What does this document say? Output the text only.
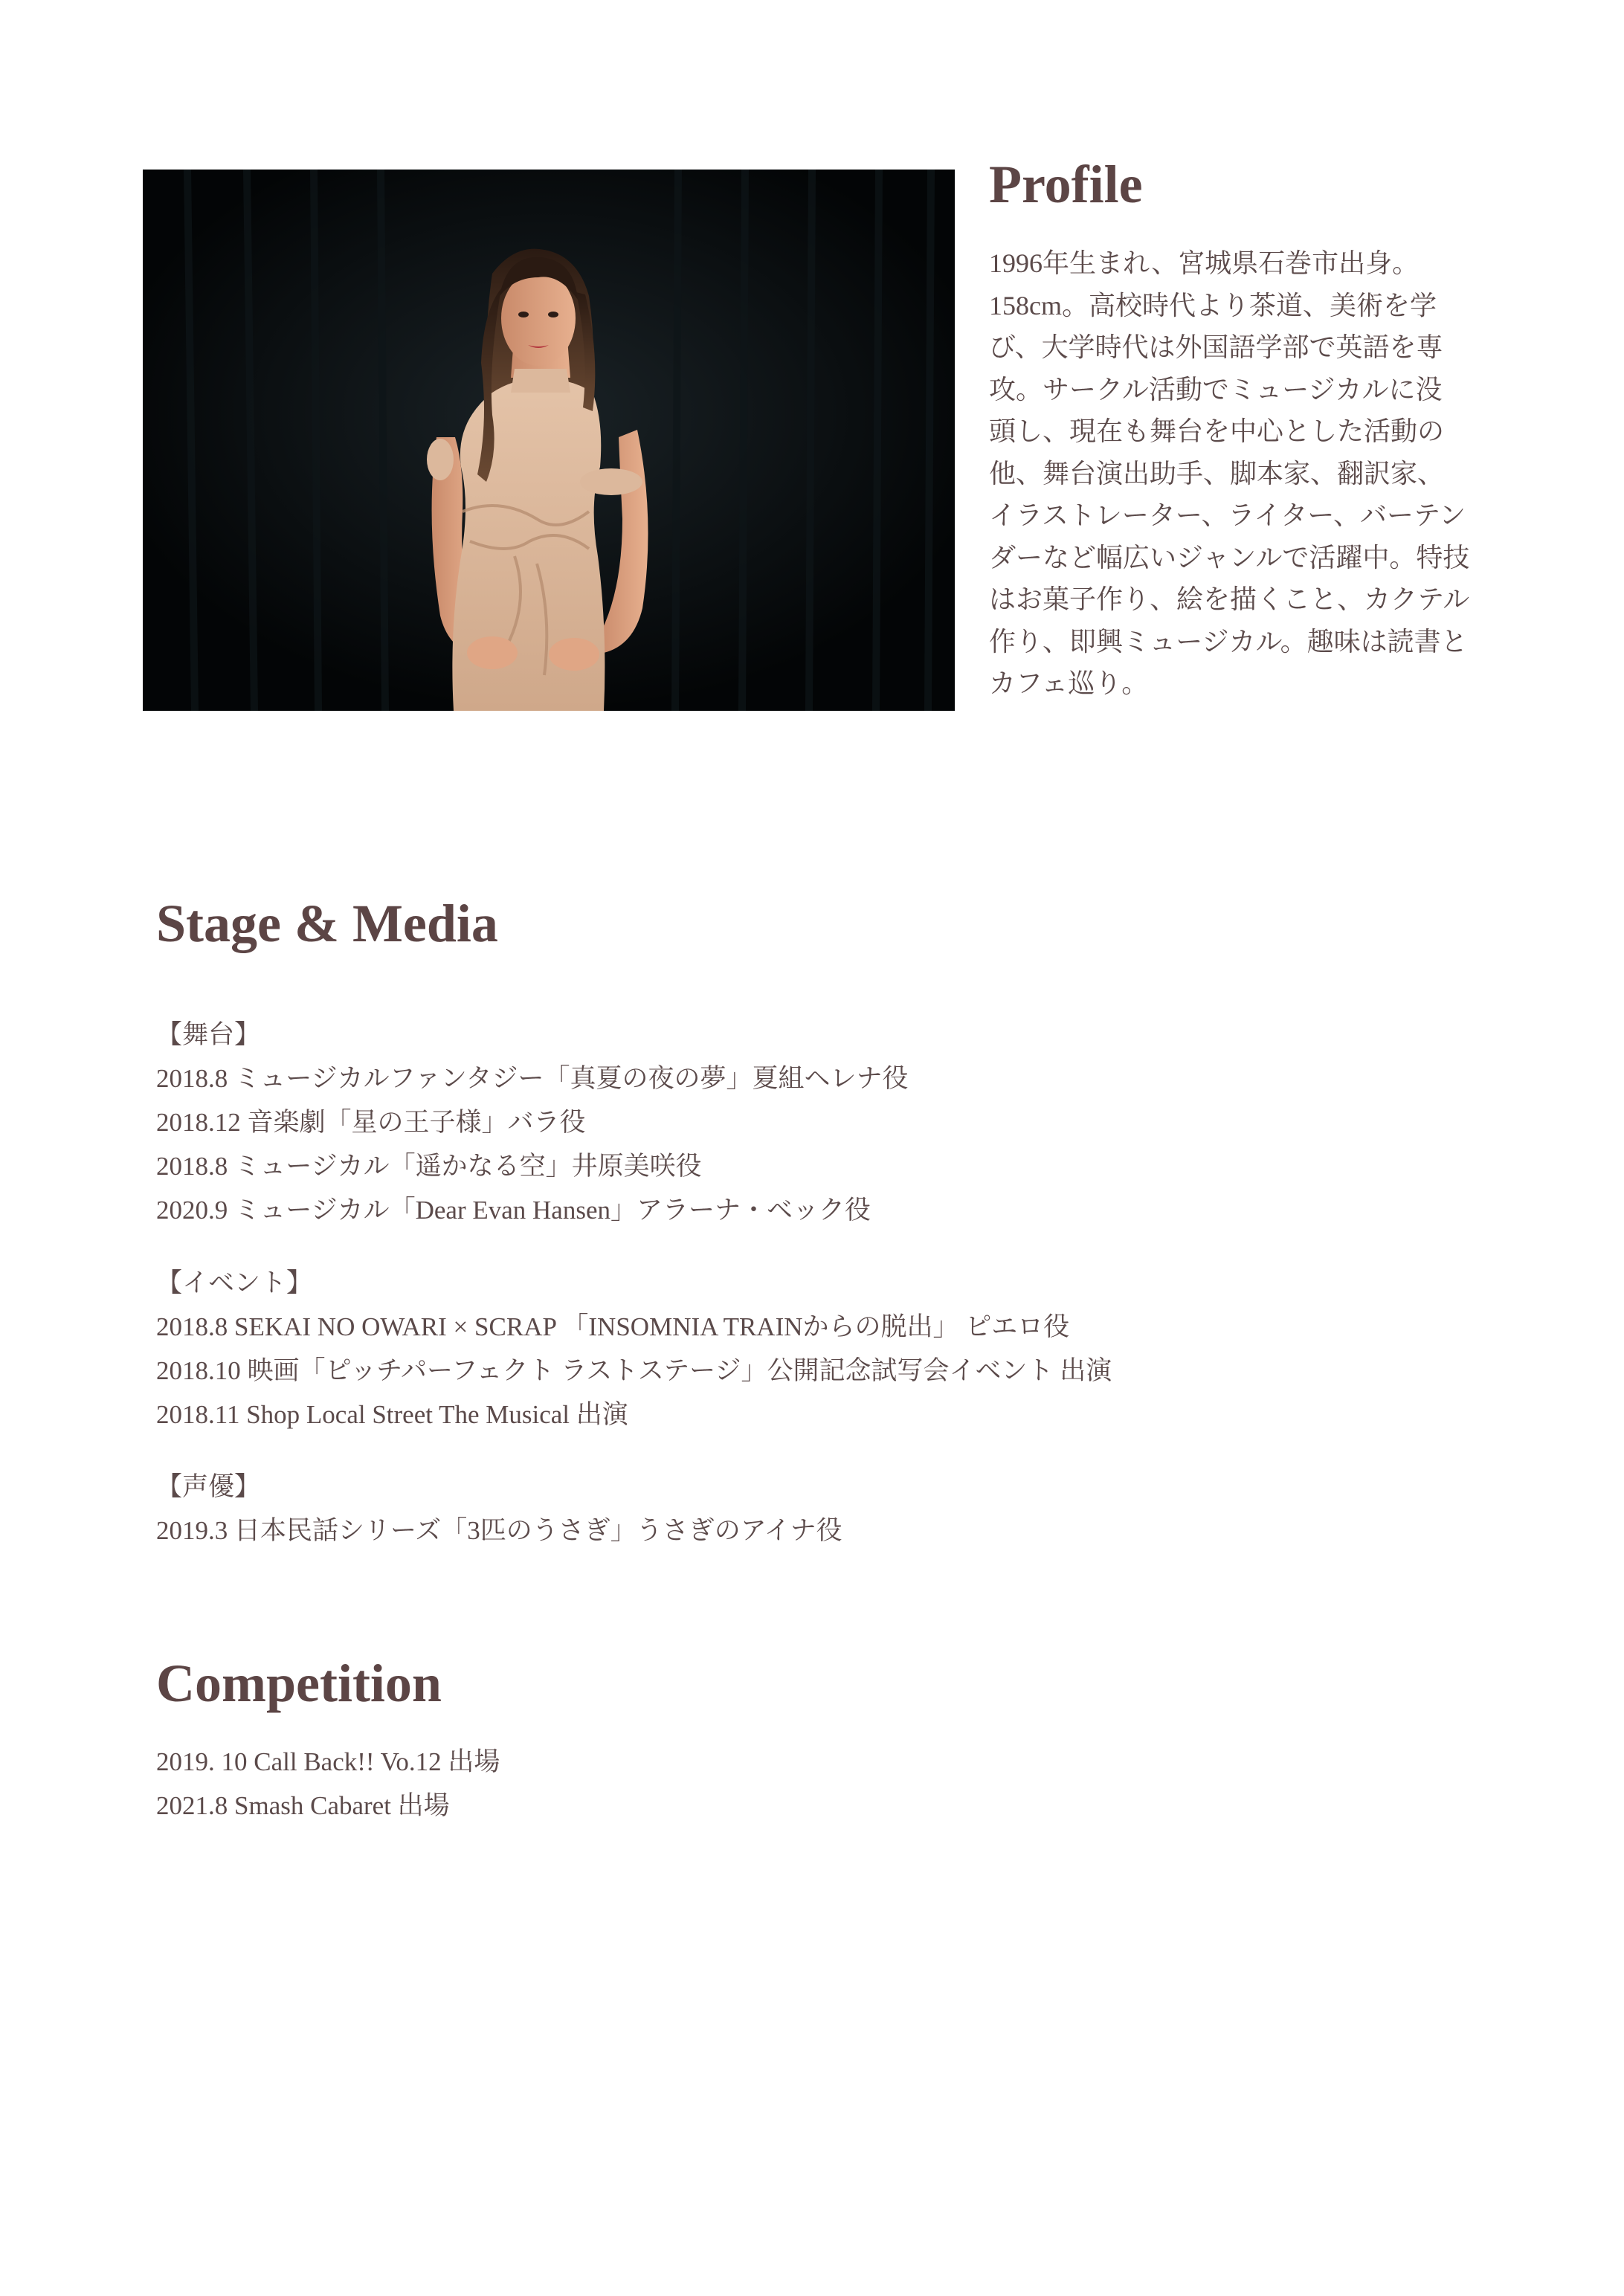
Profile
1996年生まれ、宮城県石巻市出身。
158cm。高校時代より茶道、美術を学
び、大学時代は外国語学部で英語を専
攻。サークル活動でミュージカルに没
頭し、現在も舞台を中心とした活動の
他、舞台演出助手、脚本家、翻訳家、
イラストレーター、ライター、バーテン
ダーなど幅広いジャンルで活躍中。特技
はお菓子作り、絵を描くこと、カクテル
作り、即興ミュージカル。趣味は読書と
カフェ巡り。
Stage & Media
【舞台】
2018.8 ミュージカルファンタジー「真夏の夜の夢」夏組ヘレナ役
2018.12 音楽劇「星の王子様」バラ役
2018.8 ミュージカル「遥かなる空」井原美咲役
2020.9 ミュージカル「Dear Evan Hansen」アラーナ・ベック役
【イベント】
2018.8 SEKAI NO OWARI × SCRAP 「INSOMNIA TRAINからの脱出」 ピエロ役
2018.10 映画「ピッチパーフェクト ラストステージ」公開記念試写会イベント 出演
2018.11 Shop Local Street The Musical 出演
【声優】
2019.3 日本民話シリーズ「3匹のうさぎ」うさぎのアイナ役
Competition
2019. 10 Call Back!! Vo.12 出場
2021.8 Smash Cabaret 出場
